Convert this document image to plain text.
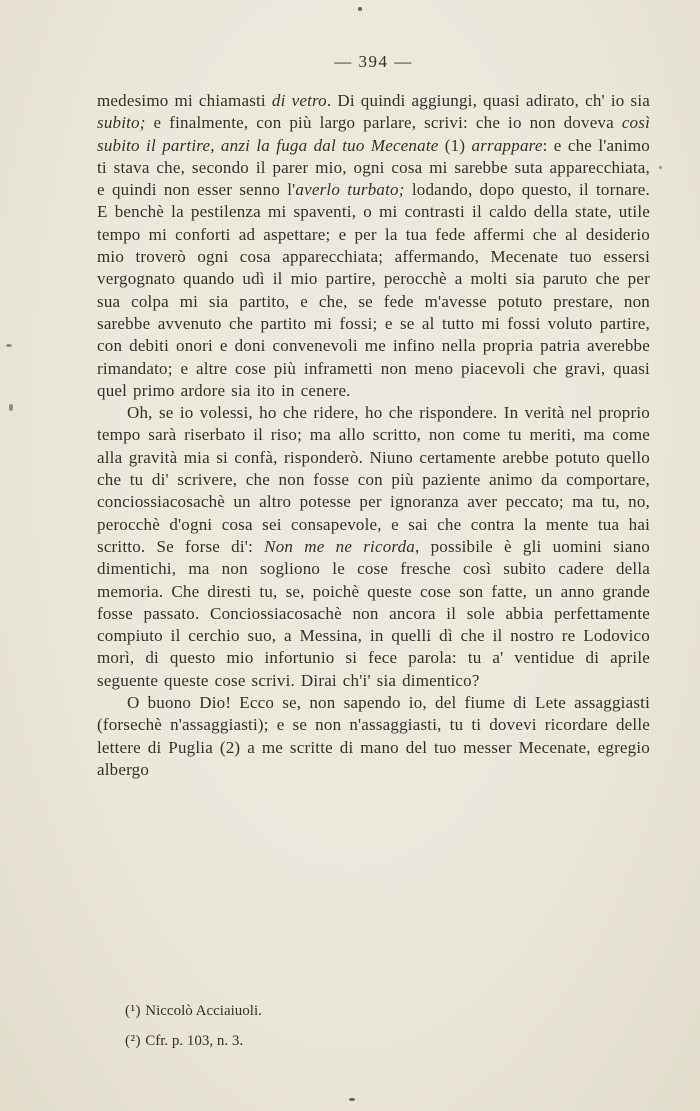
— 394 —

medesimo mi chiamasti di vetro. Di quindi aggiungi, quasi adirato, ch' io sia subito; e finalmente, con più largo parlare, scrivi: che io non doveva così subito il partire, anzi la fuga dal tuo Mecenate (1) arrappare: e che l'animo ti stava che, secondo il parer mio, ogni cosa mi sarebbe suta apparecchiata, e quindi non esser senno l'averlo turbato; lodando, dopo questo, il tornare. E benchè la pestilenza mi spaventi, o mi contrasti il caldo della state, utile tempo mi conforti ad aspettare; e per la tua fede affermi che al desiderio mio troverò ogni cosa apparecchiata; affermando, Mecenate tuo essersi vergognato quando udì il mio partire, perocchè a molti sia paruto che per sua colpa mi sia partito, e che, se fede m'avesse potuto prestare, non sarebbe avvenuto che partito mi fossi; e se al tutto mi fossi voluto partire, con debiti onori e doni convenevoli me infino nella propria patria averebbe rimandato; e altre cose più inframetti non meno piacevoli che gravi, quasi quel primo ardore sia ito in cenere.

Oh, se io volessi, ho che ridere, ho che rispondere. In verità nel proprio tempo sarà riserbato il riso; ma allo scritto, non come tu meriti, ma come alla gravità mia si confà, risponderò. Niuno certamente arebbe potuto quello che tu di' scrivere, che non fosse con più paziente animo da comportare, conciossiacosachè un altro potesse per ignoranza aver peccato; ma tu, no, perocchè d'ogni cosa sei consapevole, e sai che contra la mente tua hai scritto. Se forse di': Non me ne ricorda, possibile è gli uomini siano dimentichi, ma non sogliono le cose fresche così subito cadere della memoria. Che diresti tu, se, poichè queste cose son fatte, un anno grande fosse passato. Conciossiacosachè non ancora il sole abbia perfettamente compiuto il cerchio suo, a Messina, in quelli dì che il nostro re Lodovico morì, di questo mio infortunio si fece parola: tu a' ventidue di aprile seguente queste cose scrivi. Dirai ch'i' sia dimentico?

O buono Dio! Ecco se, non sapendo io, del fiume di Lete assaggiasti (forsechè n'assaggiasti); e se non n'assaggiasti, tu ti dovevi ricordare delle lettere di Puglia (2) a me scritte di mano del tuo messer Mecenate, egregio albergo

(¹) Niccolò Acciaiuoli.
(²) Cfr. p. 103, n. 3.
